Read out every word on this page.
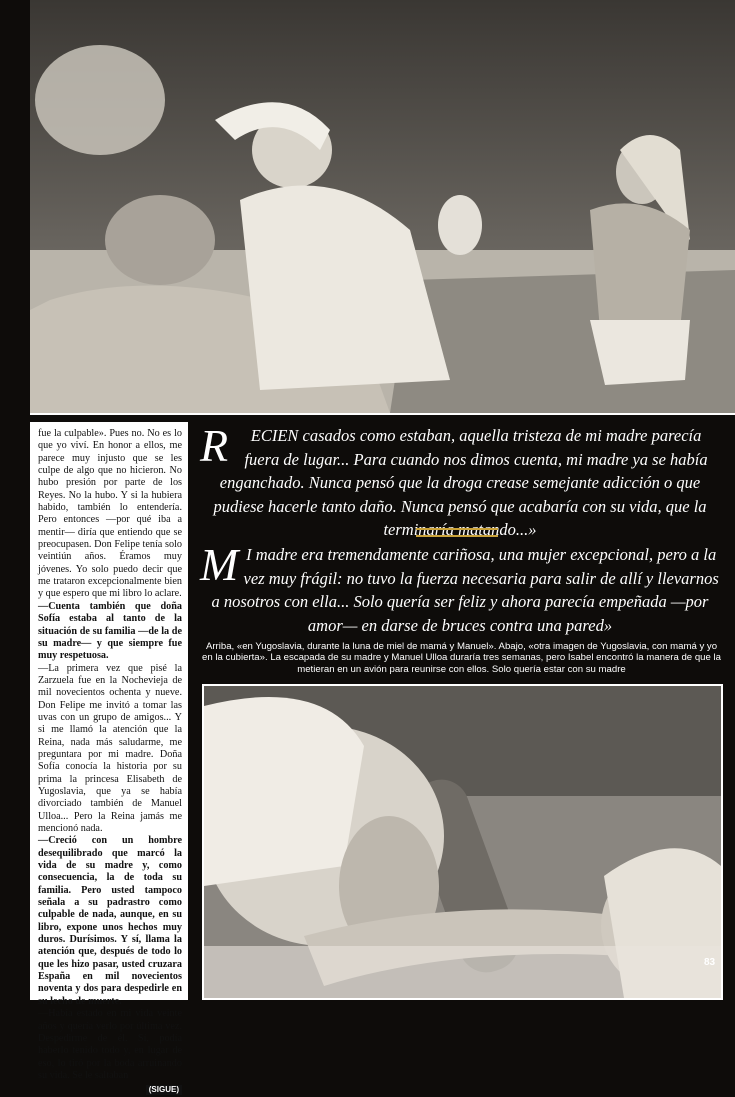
fue la culpable». Pues no. No es lo que yo viví. En honor a ellos, me parece muy injusto que se les culpe de algo que no hicieron. No hubo presión por parte de los Reyes. No la hubo. Y si la hubiera habido, también lo entendería. Pero entonces —por qué iba a mentir— diría que entiendo que se preocupasen. Don Felipe tenía solo veintiún años. Éramos muy jóvenes. Yo solo puedo decir que me trataron excepcionalmente bien y que espero que mi libro lo aclare.

—Cuenta también que doña Sofía estaba al tanto de la situación de su familia —de la de su madre— y que siempre fue muy respetuosa.

—La primera vez que pisé la Zarzuela fue en la Nochevieja de mil novecientos ochenta y nueve. Don Felipe me invitó a tomar las uvas con un grupo de amigos... Y si me llamó la atención que la Reina, nada más saludarme, me preguntara por mi madre. Doña Sofía conocía la historia por su prima la princesa Elisabeth de Yugoslavia, que ya se había divorciado también de Manuel Ulloa... Pero la Reina jamás me mencionó nada.

—Creció con un hombre desequilibrado que marcó la vida de su madre y, como consecuencia, la de toda su familia. Pero usted tampoco señala a su padrastro como culpable de nada, aunque, en su libro, expone unos hechos muy duros. Durísimos. Y sí, llama la atención que, después de todo lo que les hizo pasar, usted cruzara España en mil novecientos noventa y dos para despedirle en su lecho de muerte.

—Había estado en mi vida veinte años y quería verlo por última vez. Despedirme de él. Sí, podía haberlo tenido todo y, en lugar de eso, lo tiró por la boda arruinando su vida. Se le saltaban

(SIGUE)
R ECIEN casados como estaban, aquella tristeza de mi madre parecía fuera de lugar... Para cuando nos dimos cuenta, mi madre ya se había enganchado. Nunca pensó que la droga crease semejante adicción o que pudiese hacerle tanto daño. Nunca pensó que acabaría con su vida, que la terminaría matando...»
M I madre era tremendamente cariñosa, una mujer excepcional, pero a la vez muy frágil: no tuvo la fuerza necesaria para salir de allí y llevarnos a nosotros con ella... Solo quería ser feliz y ahora parecía empeñada —por amor— en darse de bruces contra una pared»
Arriba, «en Yugoslavia, durante la luna de miel de mamá y Manuel». Abajo, «otra imagen de Yugoslavia, con mamá y yo en la cubierta». La escapada de su madre y Manuel Ulloa duraría tres semanas, pero Isabel encontró la manera de que la metieran en un avión para reunirse con ellos. Solo quería estar con su madre
83
